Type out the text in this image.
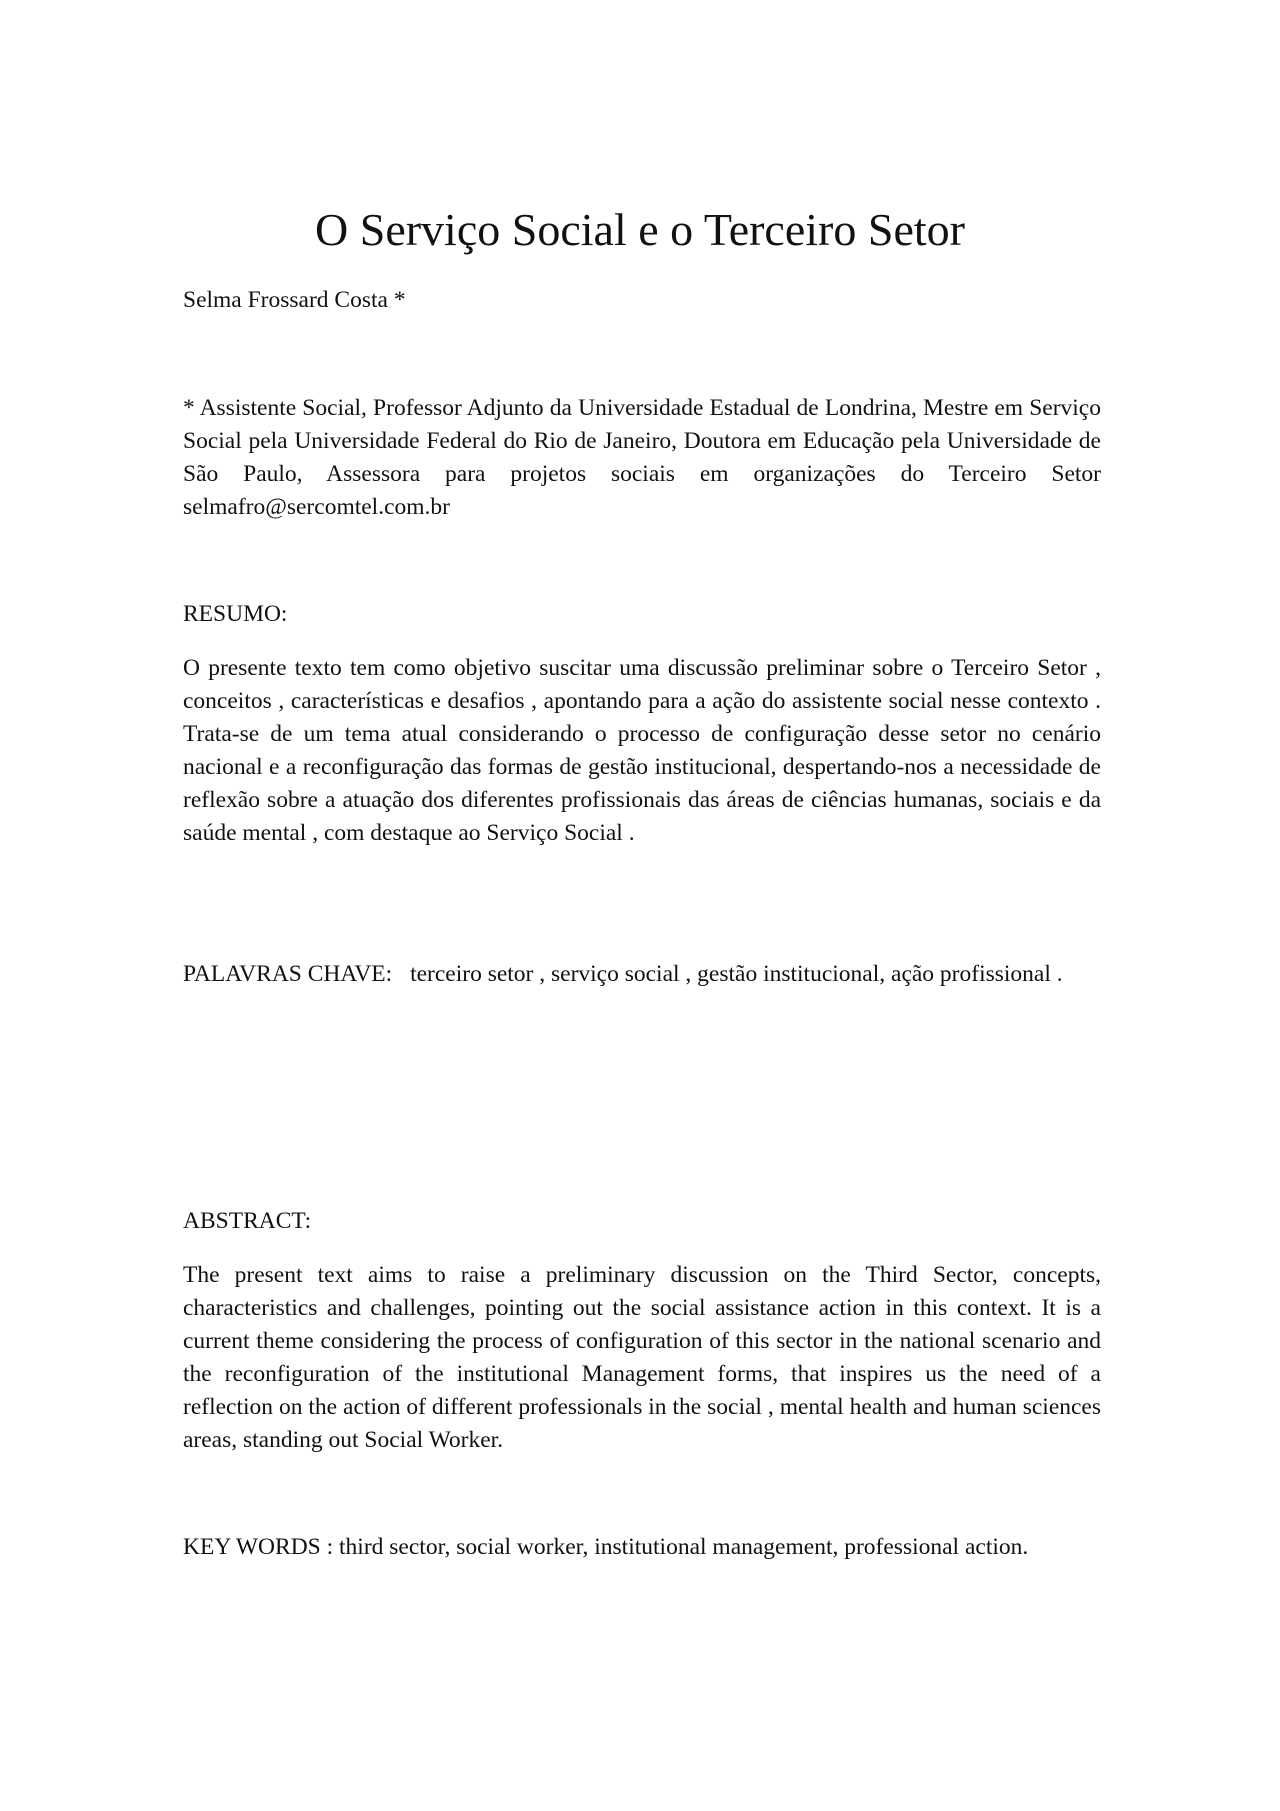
O Serviço Social e o Terceiro Setor

Selma Frossard Costa *

* Assistente Social, Professor Adjunto da Universidade Estadual de Londrina, Mestre em Serviço Social pela Universidade Federal do Rio de Janeiro, Doutora em Educação pela Universidade de São Paulo, Assessora para projetos sociais em organizações do Terceiro Setor selmafro@sercomtel.com.br

RESUMO:

O presente texto tem como objetivo suscitar uma discussão preliminar sobre o Terceiro Setor , conceitos , características e desafios , apontando para a ação do assistente social nesse contexto . Trata-se de um tema atual considerando o processo de configuração desse setor no cenário nacional e a reconfiguração das formas de gestão institucional, despertando-nos a necessidade de reflexão sobre a atuação dos diferentes profissionais das áreas de ciências humanas, sociais e da saúde mental , com destaque ao Serviço Social .

PALAVRAS CHAVE: terceiro setor , serviço social , gestão institucional, ação profissional .

ABSTRACT:

The present text aims to raise a preliminary discussion on the Third Sector, concepts, characteristics and challenges, pointing out the social assistance action in this context. It is a current theme considering the process of configuration of this sector in the national scenario and the reconfiguration of the institutional Management forms, that inspires us the need of a reflection on the action of different professionals in the social , mental health and human sciences areas, standing out Social Worker.

KEY WORDS : third sector, social worker, institutional management, professional action.
